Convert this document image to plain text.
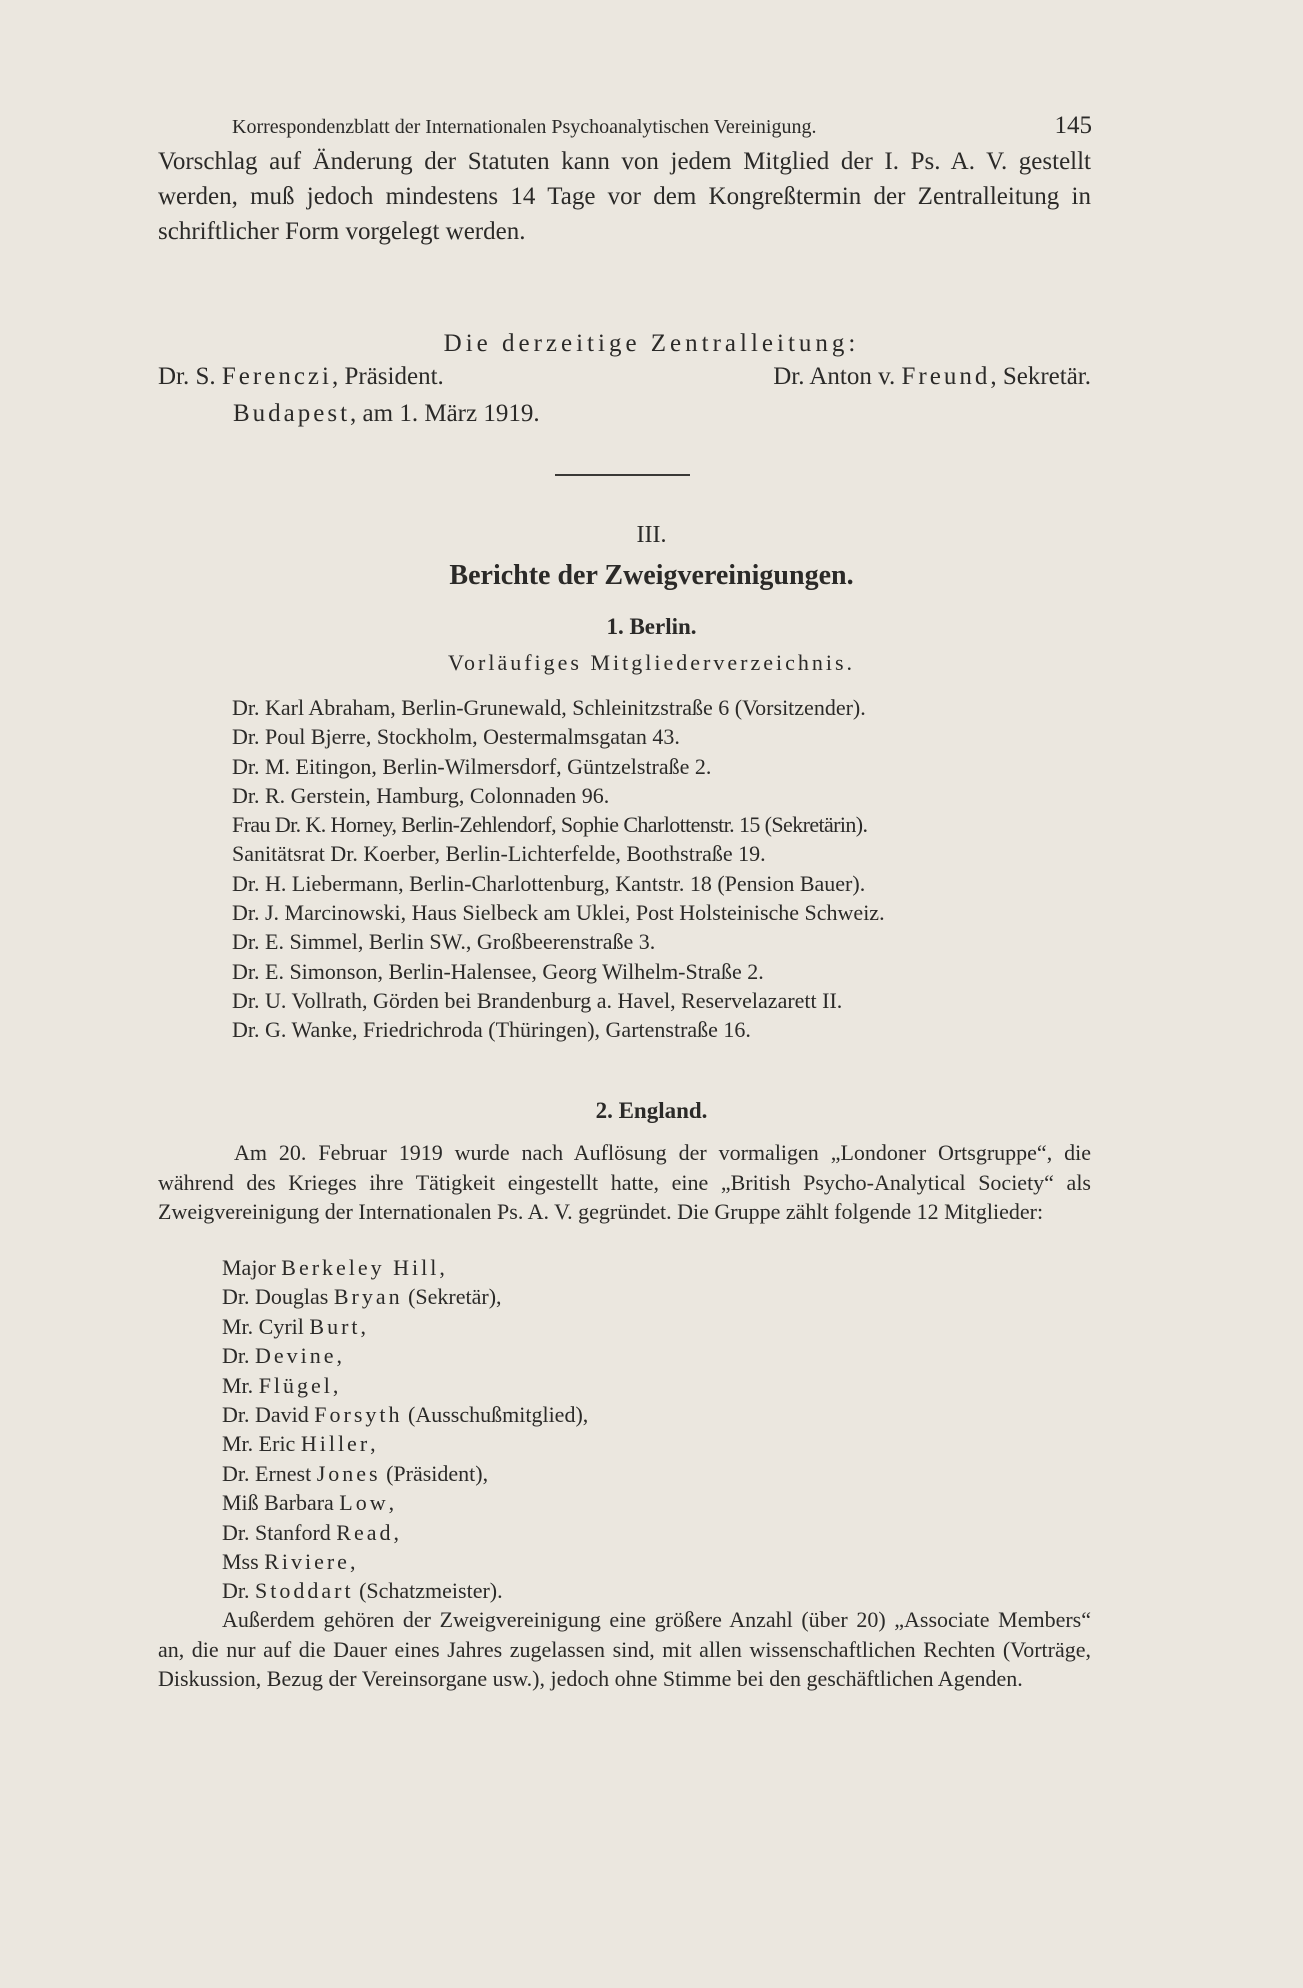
Korrespondenzblatt der Internationalen Psychoanalytischen Vereinigung.	145
Vorschlag auf Änderung der Statuten kann von jedem Mitglied der I. Ps. A. V. gestellt werden, muß jedoch mindestens 14 Tage vor dem Kongreßtermin der Zentralleitung in schriftlicher Form vorgelegt werden.
Die derzeitige Zentralleitung:
Dr. S. Ferenczi, Präsident.	Dr. Anton v. Freund, Sekretär.
Budapest, am 1. März 1919.
III.
Berichte der Zweigvereinigungen.
1. Berlin.
Vorläufiges Mitgliederverzeichnis.
Dr. Karl Abraham, Berlin-Grunewald, Schleinitzstraße 6 (Vorsitzender).
Dr. Poul Bjerre, Stockholm, Oestermalmsgatan 43.
Dr. M. Eitingon, Berlin-Wilmersdorf, Güntzelstraße 2.
Dr. R. Gerstein, Hamburg, Colonnaden 96.
Frau Dr. K. Horney, Berlin-Zehlendorf, Sophie Charlottenstr. 15 (Sekretärin).
Sanitätsrat Dr. Koerber, Berlin-Lichterfelde, Boothstraße 19.
Dr. H. Liebermann, Berlin-Charlottenburg, Kantstr. 18 (Pension Bauer).
Dr. J. Marcinowski, Haus Sielbeck am Uklei, Post Holsteinische Schweiz.
Dr. E. Simmel, Berlin SW., Großbeerenstraße 3.
Dr. E. Simonson, Berlin-Halensee, Georg Wilhelm-Straße 2.
Dr. U. Vollrath, Görden bei Brandenburg a. Havel, Reservelazarett II.
Dr. G. Wanke, Friedrichroda (Thüringen), Gartenstraße 16.
2. England.
Am 20. Februar 1919 wurde nach Auflösung der vormaligen „Londoner Ortsgruppe“, die während des Krieges ihre Tätigkeit eingestellt hatte, eine „British Psycho-Analytical Society“ als Zweigvereinigung der Internationalen Ps. A. V. gegründet. Die Gruppe zählt folgende 12 Mitglieder:
Major Berkeley Hill,
Dr. Douglas Bryan (Sekretär),
Mr. Cyril Burt,
Dr. Devine,
Mr. Flügel,
Dr. David Forsyth (Ausschußmitglied),
Mr. Eric Hiller,
Dr. Ernest Jones (Präsident),
Miß Barbara Low,
Dr. Stanford Read,
Mss Riviere,
Dr. Stoddart (Schatzmeister).
Außerdem gehören der Zweigvereinigung eine größere Anzahl (über 20) „Associate Members“ an, die nur auf die Dauer eines Jahres zugelassen sind, mit allen wissenschaftlichen Rechten (Vorträge, Diskussion, Bezug der Vereinsorgane usw.), jedoch ohne Stimme bei den geschäftlichen Agenden.
